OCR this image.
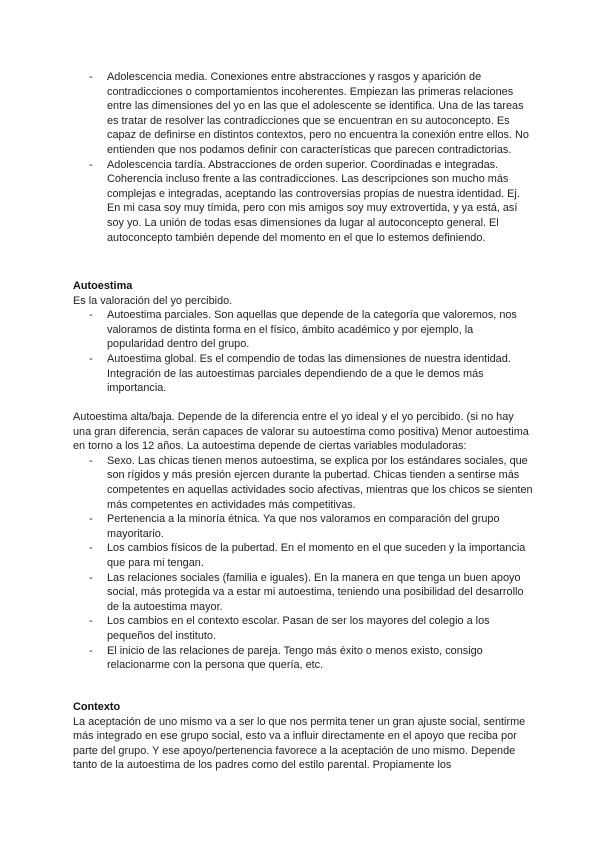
- Adolescencia media. Conexiones entre abstracciones y rasgos y aparición de contradicciones o comportamientos incoherentes. Empiezan las primeras relaciones entre las dimensiones del yo en las que el adolescente se identifica. Una de las tareas es tratar de resolver las contradicciones que se encuentran en su autoconcepto. Es capaz de definirse en distintos contextos, pero no encuentra la conexión entre ellos. No entienden que nos podamos definir con características que parecen contradictorias.
- Adolescencia tardía. Abstracciones de orden superior. Coordinadas e integradas. Coherencia incluso frente a las contradicciones. Las descripciones son mucho más complejas e integradas, aceptando las controversias propias de nuestra identidad. Ej. En mi casa soy muy tímida, pero con mis amigos soy muy extrovertida, y ya está, así soy yo. La unión de todas esas dimensiones da lugar al autoconcepto general. El autoconcepto también depende del momento en el que lo estemos definiendo.
Autoestima

Es la valoración del yo percibido.

- Autoestima parciales. Son aquellas que depende de la categoría que valoremos, nos valoramos de distinta forma en el físico, ámbito académico y por ejemplo, la popularidad dentro del grupo.
- Autoestima global. Es el compendio de todas las dimensiones de nuestra identidad. Integración de las autoestimas parciales dependiendo de a que le demos más importancia.

Autoestima alta/baja. Depende de la diferencia entre el yo ideal y el yo percibido. (si no hay una gran diferencia, serán capaces de valorar su autoestima como positiva) Menor autoestima en torno a los 12 años. La autoestima depende de ciertas variables moduladoras:

- Sexo. Las chicas tienen menos autoestima, se explica por los estándares sociales, que son rígidos y más presión ejercen durante la pubertad. Chicas tienden a sentirse más competentes en aquellas actividades socio afectivas, mientras que los chicos se sienten más competentes en actividades más competitivas.
- Pertenencia a la minoría étnica. Ya que nos valoramos en comparación del grupo mayoritario.
- Los cambios físicos de la pubertad. En el momento en el que suceden y la importancia que para mi tengan.
- Las relaciones sociales (familia e iguales). En la manera en que tenga un buen apoyo social, más protegida va a estar mi autoestima, teniendo una posibilidad del desarrollo de la autoestima mayor.
- Los cambios en el contexto escolar. Pasan de ser los mayores del colegio a los pequeños del instituto.
- El inicio de las relaciones de pareja. Tengo más éxito o menos existo, consigo relacionarme con la persona que quería, etc.
Contexto

La aceptación de uno mismo va a ser lo que nos permita tener un gran ajuste social, sentirme más integrado en ese grupo social, esto va a influir directamente en el apoyo que reciba por parte del grupo. Y ese apoyo/pertenencia favorece a la aceptación de uno mismo. Depende tanto de la autoestima de los padres como del estilo parental. Propiamente los
